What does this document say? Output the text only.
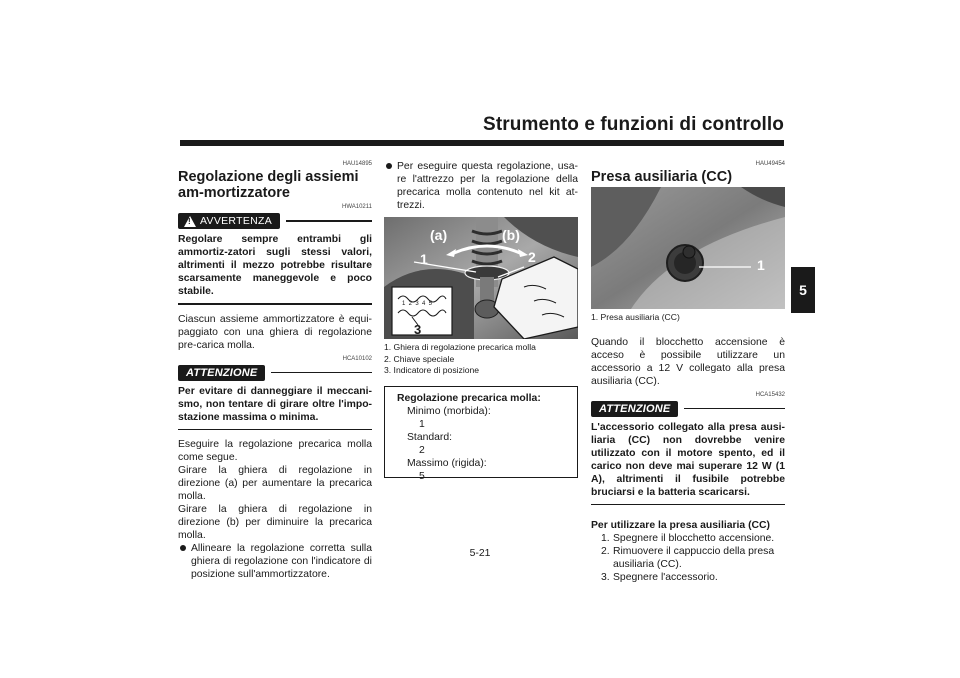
Strumento e funzioni di controllo
5
HAU14895
Regolazione degli assiemi am-mortizzatore
HWA10211
!
AVVERTENZA

Regolare sempre entrambi gli ammortiz-zatori sugli stessi valori, altrimenti il mezzo potrebbe risultare scarsamente maneggevole e poco stabile.

Ciascun assieme ammortizzatore è equi-paggiato con una ghiera di regolazione pre-carica molla.

HCA10102
ATTENZIONE

Per evitare di danneggiare il meccani-smo, non tentare di girare oltre l'impo-stazione massima o minima.

Eseguire la regolazione precarica molla come segue.

Girare la ghiera di regolazione in direzione (a) per aumentare la precarica molla.

Girare la ghiera di regolazione in direzione (b) per diminuire la precarica molla.

Allineare la regolazione corretta sulla ghiera di regolazione con l'indicatore di posizione sull'ammortizzatore.
Per eseguire questa regolazione, usa-re l'attrezzo per la regolazione della precarica molla contenuto nel kit at-trezzi.
(a)	(b)
1	2
3
1  2  3  4  5
1. Ghiera di regolazione precarica molla
2. Chiave speciale
3. Indicatore di posizione

Regolazione precarica molla:

Minimo (morbida):

1

Standard:

2

Massimo (rigida):

5

HAU49454
Presa ausiliaria (CC)
1
1. Presa ausiliaria (CC)

Quando il blocchetto accensione è acceso è possibile utilizzare un accessorio a 12 V collegato alla presa ausiliaria (CC).

HCA15432
ATTENZIONE

L'accessorio collegato alla presa ausi-liaria (CC) non dovrebbe venire utilizzato con il motore spento, ed il carico non deve mai superare 12 W (1 A), altrimenti il fusibile potrebbe bruciarsi e la batteria scaricarsi.

Per utilizzare la presa ausiliaria (CC)

1. Spegnere il blocchetto accensione.
2. Rimuovere il cappuccio della presa ausiliaria (CC).
3. Spegnere l'accessorio.
5-21
